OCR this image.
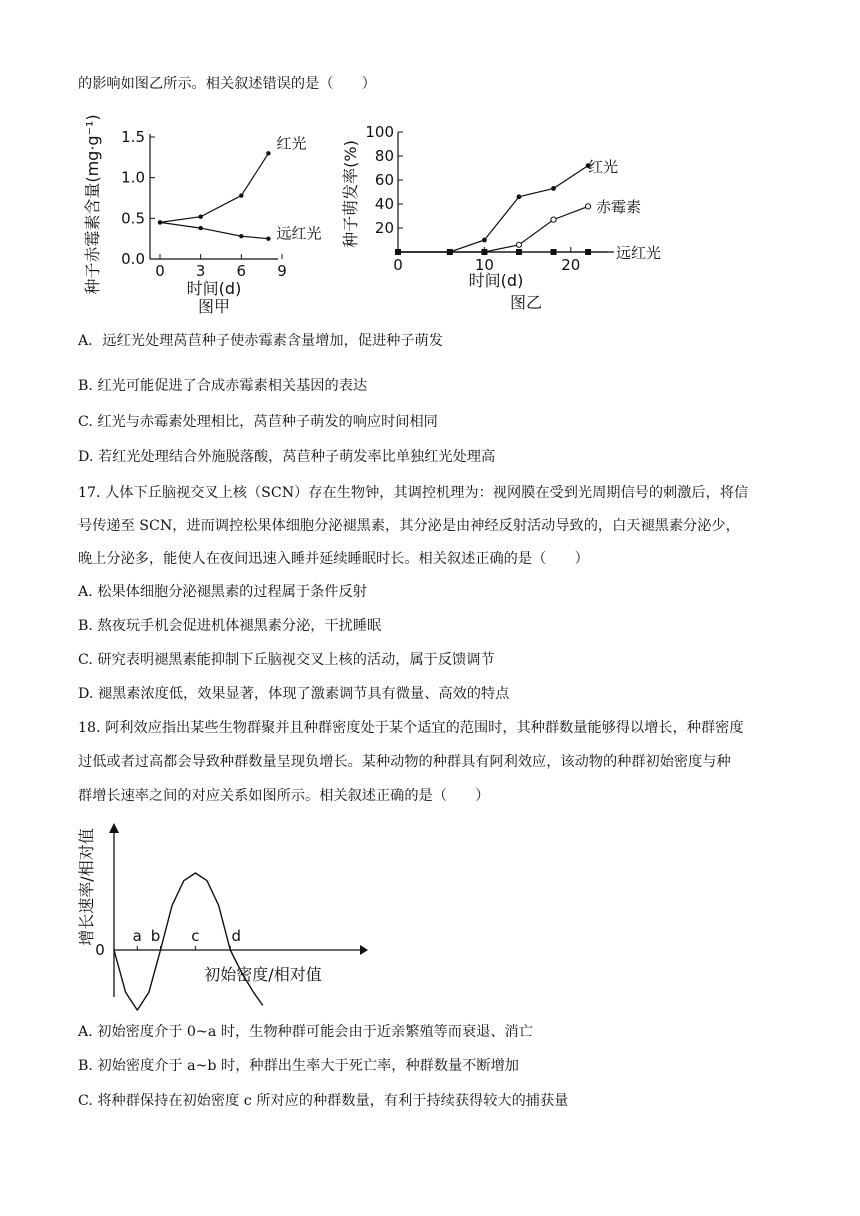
的影响如图乙所示。相关叙述错误的是（　　）
0.0
0.5
1.0
1.5
0 3 6 9
红光
远红光
时间(d)
图甲
种子赤霉素含量(mg·g⁻¹)	20
40
60
80
100
0	10	20
红光
赤霉素
远红光
时间(d)
图乙
种子萌发率(%)
A．远红光处理莴苣种子使赤霉素含量增加，促进种子萌发
B. 红光可能促进了合成赤霉素相关基因的表达
C. 红光与赤霉素处理相比，莴苣种子萌发的响应时间相同
D. 若红光处理结合外施脱落酸，莴苣种子萌发率比单独红光处理高
17. 人体下丘脑视交叉上核（SCN）存在生物钟，其调控机理为：视网膜在受到光周期信号的刺激后，将信
号传递至 SCN，进而调控松果体细胞分泌褪黑素，其分泌是由神经反射活动导致的，白天褪黑素分泌少，
晚上分泌多，能使人在夜间迅速入睡并延续睡眠时长。相关叙述正确的是（　　）
A. 松果体细胞分泌褪黑素的过程属于条件反射
B. 熬夜玩手机会促进机体褪黑素分泌，干扰睡眠
C. 研究表明褪黑素能抑制下丘脑视交叉上核的活动，属于反馈调节
D. 褪黑素浓度低，效果显著，体现了激素调节具有微量、高效的特点
18. 阿利效应指出某些生物群聚并且种群密度处于某个适宜的范围时，其种群数量能够得以增长，种群密度
过低或者过高都会导致种群数量呈现负增长。某种动物的种群具有阿利效应，该动物的种群初始密度与种
群增长速率之间的对应关系如图所示。相关叙述正确的是（　　）
a b c d
0
初始密度/相对值
增长速率/相对值
A. 初始密度介于 0~a 时，生物种群可能会由于近亲繁殖等而衰退、消亡
B. 初始密度介于 a~b 时，种群出生率大于死亡率，种群数量不断增加
C. 将种群保持在初始密度 c 所对应的种群数量，有利于持续获得较大的捕获量
